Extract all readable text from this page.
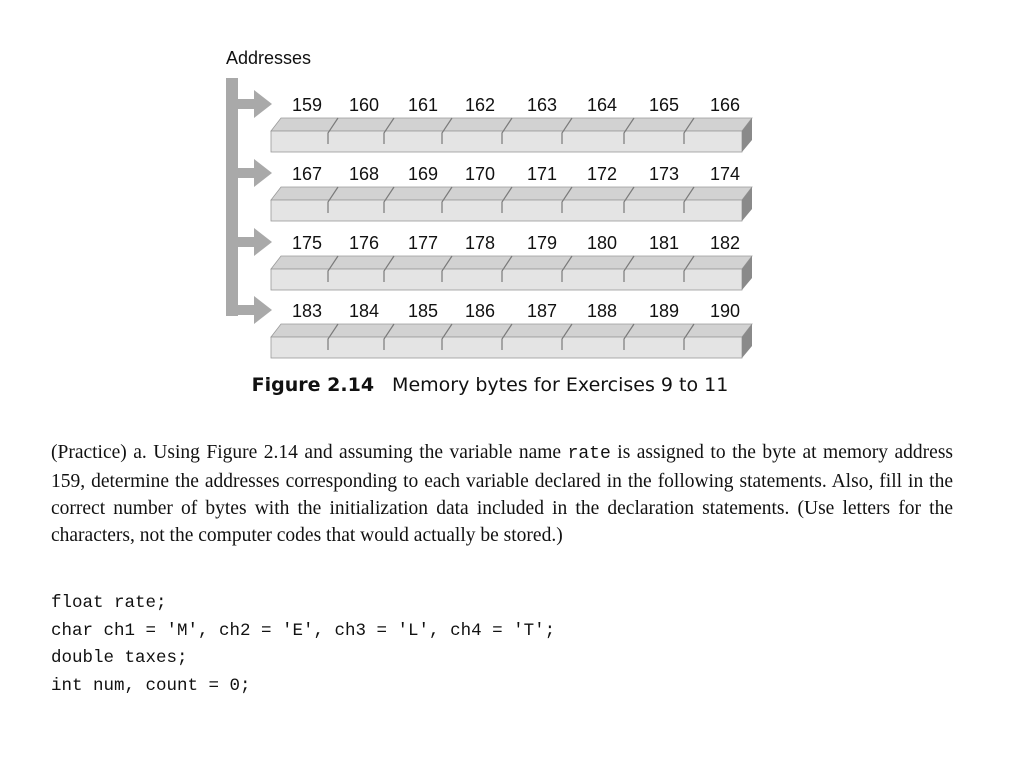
159 160 161 162 163 164 165 166
167 168 169 170 171 172 173 174
175 176 177 178 179 180 181 182
183 184 185 186 187 188 189 190
Addresses
Figure 2.14 Memory bytes for Exercises 9 to 11
(Practice) a. Using Figure 2.14 and assuming the variable name rate is assigned to the byte at memory address 159, determine the addresses corresponding to each variable declared in the following statements. Also, fill in the correct number of bytes with the initialization data included in the declaration statements. (Use letters for the characters, not the computer codes that would actually be stored.)
float rate;
char ch1 = 'M', ch2 = 'E', ch3 = 'L', ch4 = 'T';
double taxes;
int num, count = 0;
